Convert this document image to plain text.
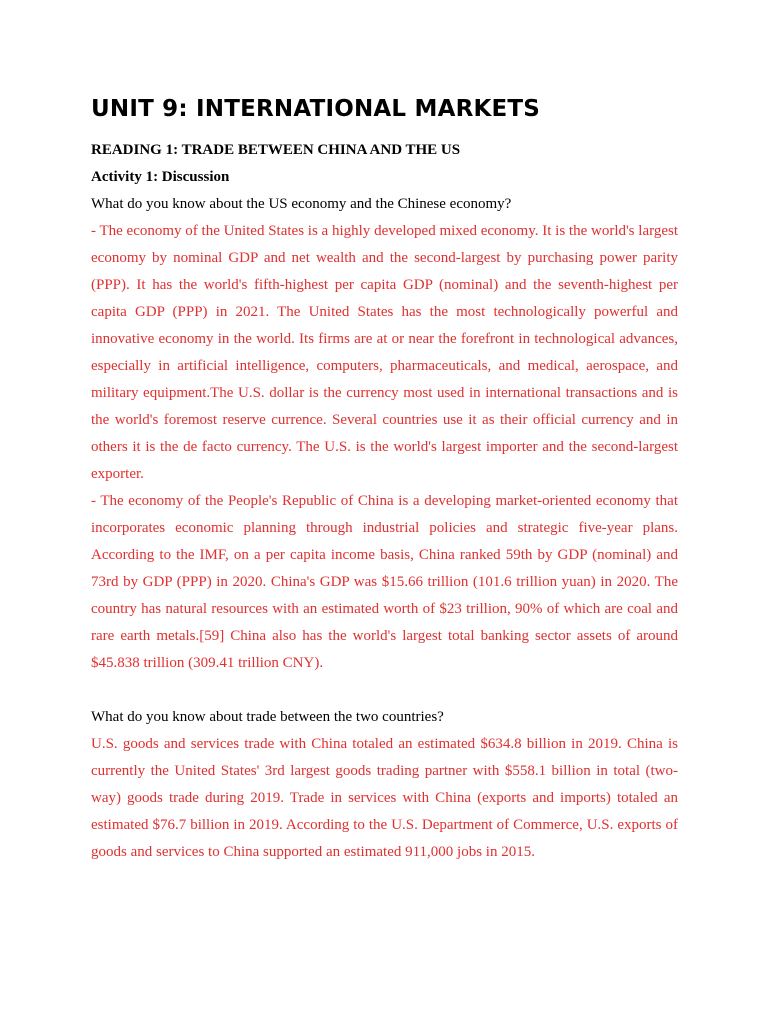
UNIT 9: INTERNATIONAL MARKETS

READING 1: TRADE BETWEEN CHINA AND THE US

Activity 1: Discussion

What do you know about the US economy and the Chinese economy?

- The economy of the United States is a highly developed mixed economy. It is the world's largest economy by nominal GDP and net wealth and the second-largest by purchasing power parity (PPP). It has the world's fifth-highest per capita GDP (nominal) and the seventh-highest per capita GDP (PPP) in 2021. The United States has the most technologically powerful and innovative economy in the world. Its firms are at or near the forefront in technological advances, especially in artificial intelligence, computers, pharmaceuticals, and medical, aerospace, and military equipment.The U.S. dollar is the currency most used in international transactions and is the world's foremost reserve currence. Several countries use it as their official currency and in others it is the de facto currency. The U.S. is the world's largest importer and the second-largest exporter.

- The economy of the People's Republic of China is a developing market-oriented economy that incorporates economic planning through industrial policies and strategic five-year plans. According to the IMF, on a per capita income basis, China ranked 59th by GDP (nominal) and 73rd by GDP (PPP) in 2020. China's GDP was $15.66 trillion (101.6 trillion yuan) in 2020. The country has natural resources with an estimated worth of $23 trillion, 90% of which are coal and rare earth metals.[59] China also has the world's largest total banking sector assets of around $45.838 trillion (309.41 trillion CNY).

What do you know about trade between the two countries?

U.S. goods and services trade with China totaled an estimated $634.8 billion in 2019. China is currently the United States' 3rd largest goods trading partner with $558.1 billion in total (two-way) goods trade during 2019. Trade in services with China (exports and imports) totaled an estimated $76.7 billion in 2019. According to the U.S. Department of Commerce, U.S. exports of goods and services to China supported an estimated 911,000 jobs in 2015.
